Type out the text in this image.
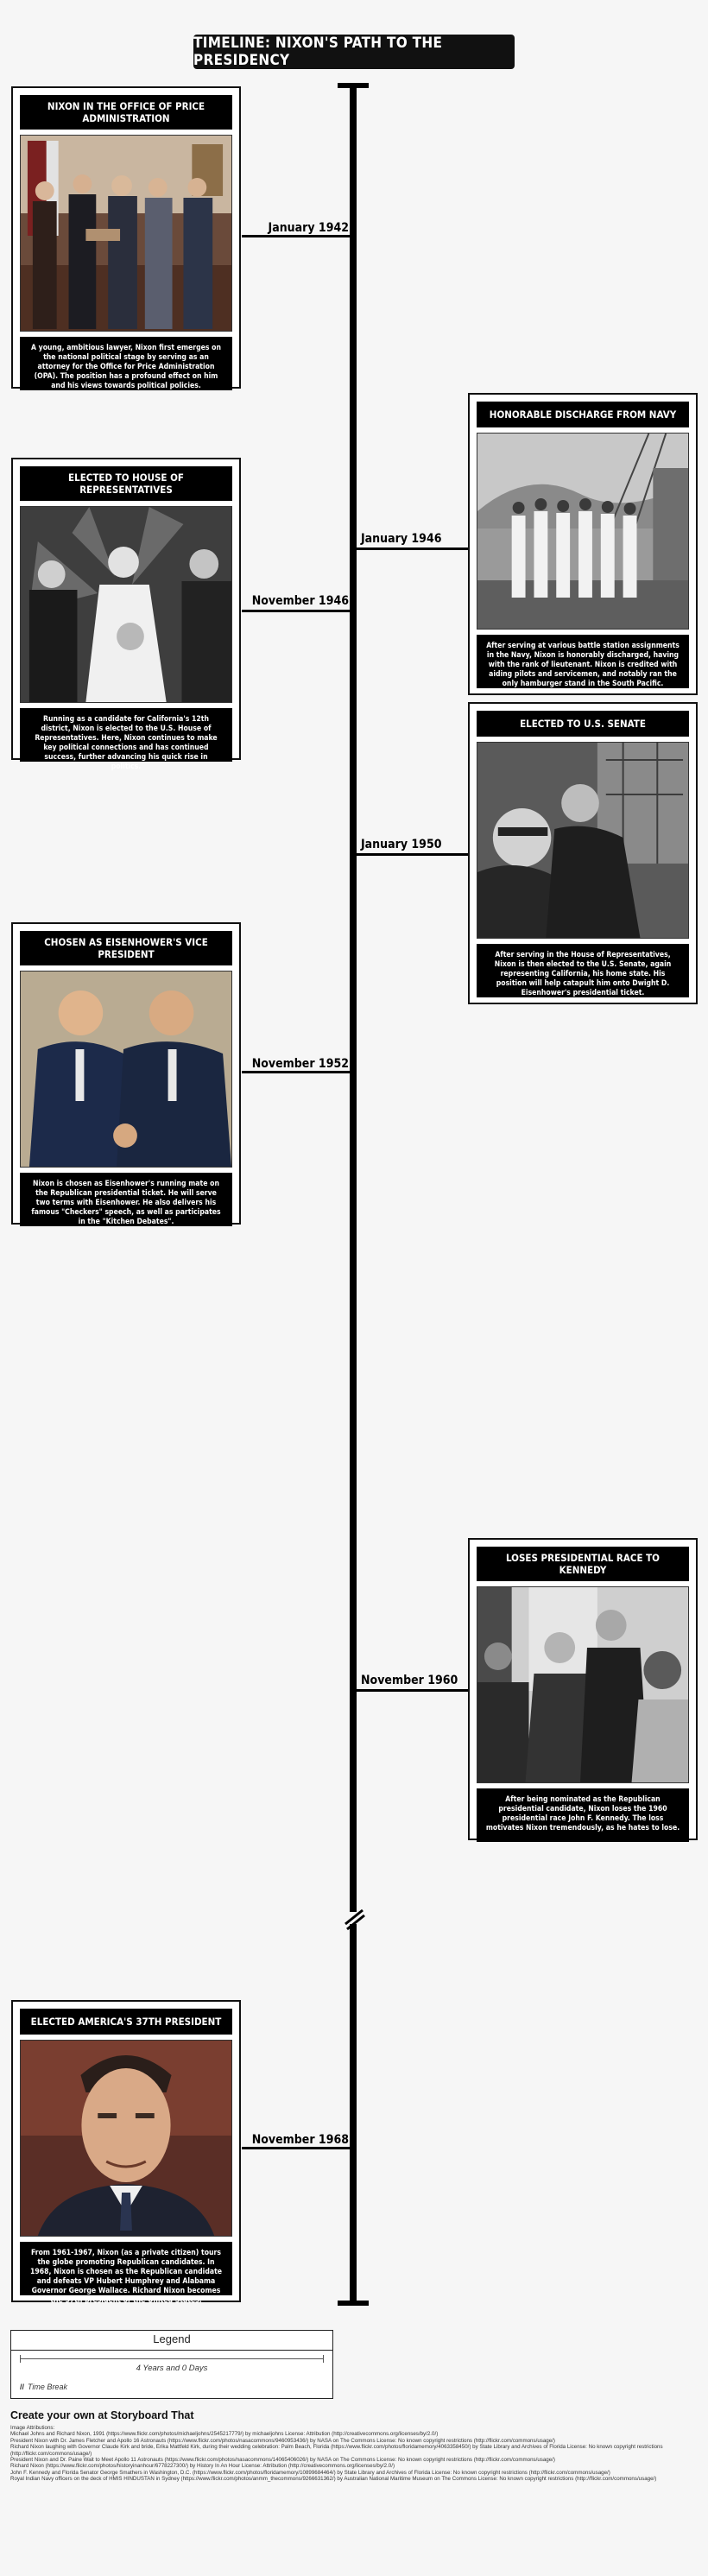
TIMELINE: NIXON'S PATH TO THE PRESIDENCY
January 1942
NIXON IN THE OFFICE OF PRICE ADMINISTRATION
A young, ambitious lawyer, Nixon first emerges on the national political stage by serving as an attorney for the Office for Price Administration (OPA). The position has a profound effect on him and his views towards political policies.
January 1946
HONORABLE DISCHARGE FROM NAVY
After serving at various battle station assignments in the Navy, Nixon is honorably discharged, having with the rank of lieutenant. Nixon is credited with aiding pilots and servicemen, and notably ran the only hamburger stand in the South Pacific.
November 1946
ELECTED TO HOUSE OF REPRESENTATIVES
Running as a candidate for California's 12th district, Nixon is elected to the U.S. House of Representatives. Here, Nixon continues to make key political connections and has continued success, further advancing his quick rise in politics.
January 1950
ELECTED TO U.S. SENATE
After serving in the House of Representatives, Nixon is then elected to the U.S. Senate, again representing California, his home state. His position will help catapult him onto Dwight D. Eisenhower's presidential ticket.
November 1952
CHOSEN AS EISENHOWER'S VICE PRESIDENT
Nixon is chosen as Eisenhower's running mate on the Republican presidential ticket. He will serve two terms with Eisenhower. He also delivers his famous "Checkers" speech, as well as participates in the "Kitchen Debates".
November 1960
LOSES PRESIDENTIAL RACE TO KENNEDY
After being nominated as the Republican presidential candidate, Nixon loses the 1960 presidential race John F. Kennedy. The loss motivates Nixon tremendously, as he hates to lose.
November 1968
ELECTED AMERICA'S 37TH PRESIDENT
From 1961-1967, Nixon (as a private citizen) tours the globe promoting Republican candidates. In 1968, Nixon is chosen as the Republican candidate and defeats VP Hubert Humphrey and Alabama Governor George Wallace. Richard Nixon becomes the 37th president of the United States.
Legend
4 Years and 0 Days
// Time Break
Create your own at Storyboard That
Image Attributions:
Michael Johns and Richard Nixon, 1991 (https://www.flickr.com/photos/michaeljohns/2545217779/) by michaeljohns License: Attribution (http://creativecommons.org/licenses/by/2.0/)
President Nixon with Dr. James Fletcher and Apollo 16 Astronauts (https://www.flickr.com/photos/nasacommons/9460953436/) by NASA on The Commons License: No known copyright restrictions (http://flickr.com/commons/usage/)
Richard Nixon laughing with Governor Claude Kirk and bride, Erika Mattfeld Kirk, during their wedding celebration: Palm Beach, Florida (https://www.flickr.com/photos/floridamemory/4063358450/) by State Library and Archives of Florida License: No known copyright restrictions (http://flickr.com/commons/usage/)
President Nixon and Dr. Paine Wait to Meet Apollo 11 Astronauts (https://www.flickr.com/photos/nasacommons/14065406026/) by NASA on The Commons License: No known copyright restrictions (http://flickr.com/commons/usage/)
Richard Nixon (https://www.flickr.com/photos/historyinanhour/6778227300/) by History In An Hour License: Attribution (http://creativecommons.org/licenses/by/2.0/)
John F. Kennedy and Florida Senator George Smathers in Washington, D.C. (https://www.flickr.com/photos/floridamemory/10899684464/) by State Library and Archives of Florida License: No known copyright restrictions (http://flickr.com/commons/usage/)
Royal Indian Navy officers on the deck of HMIS HINDUSTAN in Sydney (https://www.flickr.com/photos/anmm_thecommons/9266631362/) by Australian National Maritime Museum on The Commons License: No known copyright restrictions (http://flickr.com/commons/usage/)
